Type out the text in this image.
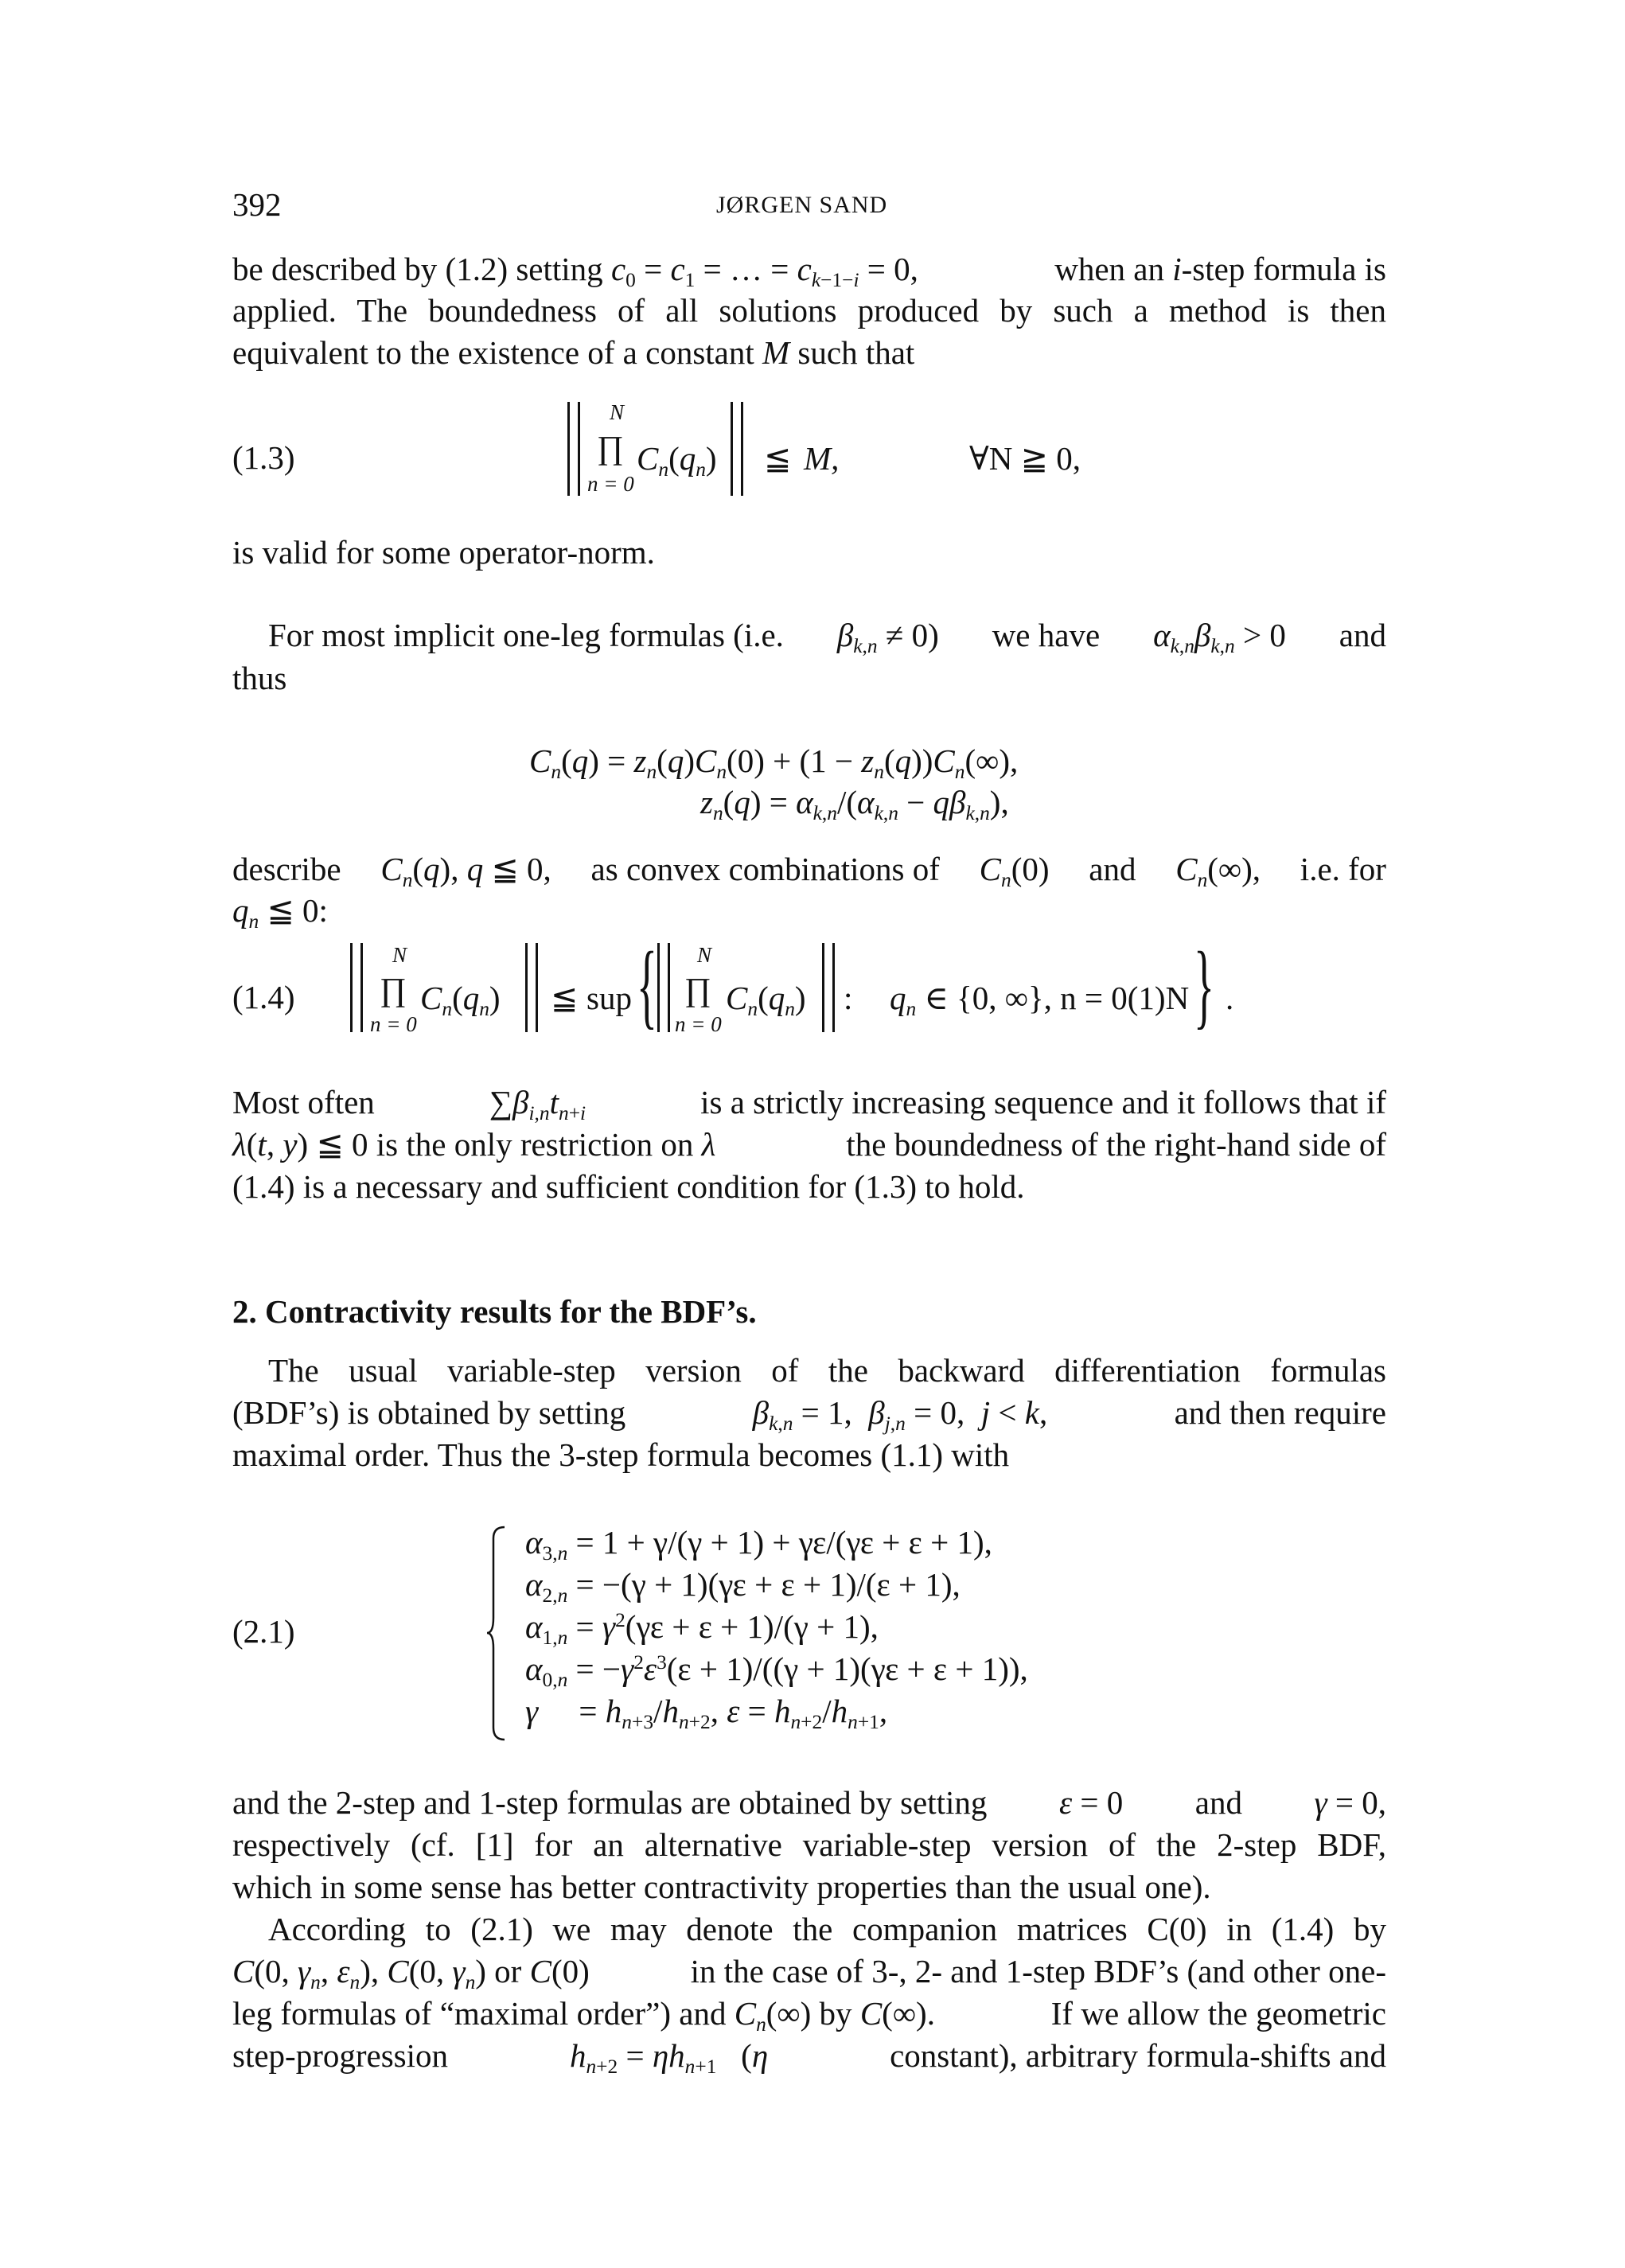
392	JØRGEN SAND
be described by (1.2) setting $c_0 = c_1$ = … = $c_{k-1-i} = 0$,	when an i-step formula is
applied. The boundedness of all solutions produced by such a method is then
equivalent to the existence of a constant M such that
(1.3)
N
∏
n = 0
$C_n(q_n)$ ≦ M,	∀N ≧ 0,
is valid for some operator-norm.
For most implicit one-leg formulas (i.e. $\beta_{k,n} \ne 0$) we have $\alpha_{k,n}\beta_{k,n} > 0$ and
thus
$C_n(q) = z_n(q)C_n(0) + (1 - z_n(q))C_n(\infty)$,
$z_n(q) = \alpha_{k,n}/(\alpha_{k,n} - q\beta_{k,n})$,
describe $C_n(q)$, q ≦ 0, as convex combinations of $C_n(0)$ and $C_n(\infty)$, i.e. for
$q_n$ ≦ 0:
(1.4)
N
∏
n = 0
$C_n(q_n)$ ≦ sup { N
∏
n = 0
$C_n(q_n)$ : $q_n$ ∈ {0, ∞}, n = 0(1)N } .
Most often	$\sum\beta_{i,n}t_{n+i}$	is a strictly increasing sequence and it follows that if
λ(t, y) ≦ 0 is the only restriction on λ	the boundedness of the right-hand side of
(1.4) is a necessary and sufficient condition for (1.3) to hold.
2. Contractivity results for the BDF’s.
The usual variable-step version of the backward differentiation formulas
(BDF’s) is obtained by setting	$\beta_{k,n} = 1$,  $\beta_{j,n} = 0$,  j < k,	and then require
maximal order. Thus the 3-step formula becomes (1.1) with
(2.1)
$\alpha_{3,n} = 1 + \gamma/(\gamma + 1) + \gamma\varepsilon/(\gamma\varepsilon + \varepsilon + 1)$,
$\alpha_{2,n} = -(\gamma + 1)(\gamma\varepsilon + \varepsilon + 1)/(\varepsilon + 1)$,
$\alpha_{1,n} = \gamma^2(\gamma\varepsilon + \varepsilon + 1)/(\gamma + 1)$,
$\alpha_{0,n} = -\gamma^2\varepsilon^3(\varepsilon + 1)/((\gamma + 1)(\gamma\varepsilon + \varepsilon + 1))$,
γ     = $h_{n+3}/h_{n+2}$, $\varepsilon = h_{n+2}/h_{n+1}$,
and the 2-step and 1-step formulas are obtained by setting ε = 0 and γ = 0,
respectively (cf. [1] for an alternative variable-step version of the 2-step BDF,
which in some sense has better contractivity properties than the usual one).
According to (2.1) we may denote the companion matrices C(0) in (1.4) by
C(0, $\gamma_n$, $\varepsilon_n$), C(0, $\gamma_n$) or C(0)	in the case of 3-, 2- and 1-step BDF’s (and other one-
leg formulas of “maximal order”) and $C_n(\infty)$ by C(∞).	If we allow the geometric
step-progression	$h_{n+2} = \eta h_{n+1}$   (η	constant), arbitrary formula-shifts and
